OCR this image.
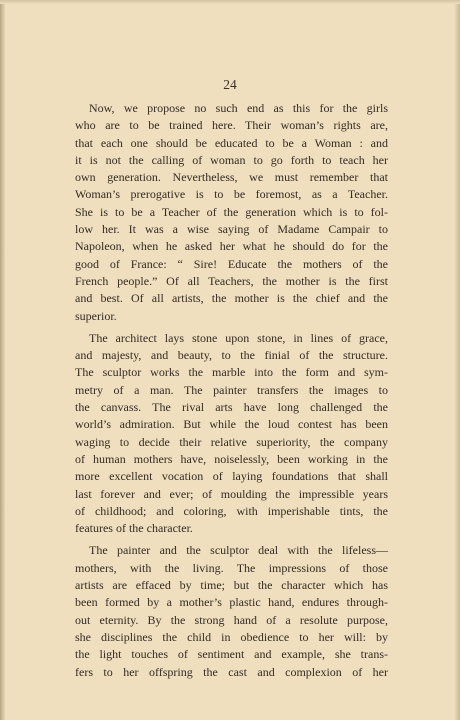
24
Now, we propose no such end as this for the girls
who are to be trained here. Their woman’s rights are,
that each one should be educated to be a Woman : and
it is not the calling of woman to go forth to teach her
own generation. Nevertheless, we must remember that
Woman’s prerogative is to be foremost, as a Teacher.
She is to be a Teacher of the generation which is to fol-
low her. It was a wise saying of Madame Campair to
Napoleon, when he asked her what he should do for the
good of France: “ Sire! Educate the mothers of the
French people.” Of all Teachers, the mother is the first
and best. Of all artists, the mother is the chief and the
superior.
The architect lays stone upon stone, in lines of grace,
and majesty, and beauty, to the finial of the structure.
The sculptor works the marble into the form and sym-
metry of a man. The painter transfers the images to
the canvass. The rival arts have long challenged the
world’s admiration. But while the loud contest has been
waging to decide their relative superiority, the company
of human mothers have, noiselessly, been working in the
more excellent vocation of laying foundations that shall
last forever and ever; of moulding the impressible years
of childhood; and coloring, with imperishable tints, the
features of the character.
The painter and the sculptor deal with the lifeless—
mothers, with the living. The impressions of those
artists are effaced by time; but the character which has
been formed by a mother’s plastic hand, endures through-
out eternity. By the strong hand of a resolute purpose,
she disciplines the child in obedience to her will: by
the light touches of sentiment and example, she trans-
fers to her offspring the cast and complexion of her
